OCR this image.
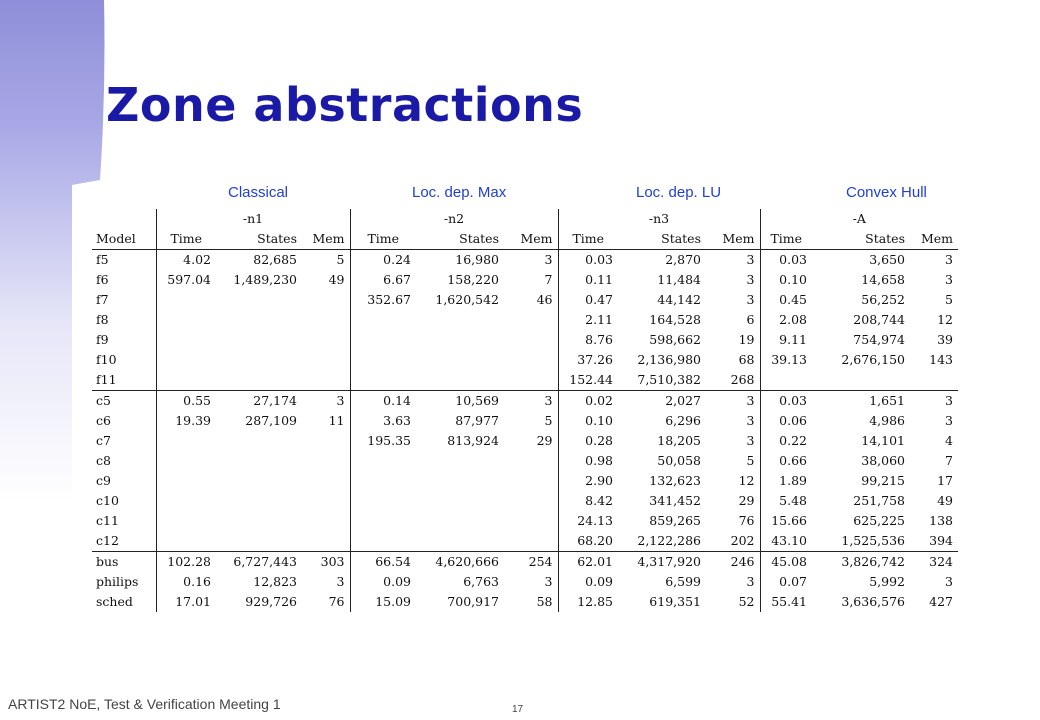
Zone abstractions
Classical	Loc. dep. Max	Loc. dep. LU	Convex Hull
	-n1			-n2			-n3			-A		
Model	Time	States	Mem	Time	States	Mem	Time	States	Mem	Time	States	Mem
f5	4.02	82,685	5	0.24	16,980	3	0.03	2,870	3	0.03	3,650	3
f6	597.04	1,489,230	49	6.67	158,220	7	0.11	11,484	3	0.10	14,658	3
f7				352.67	1,620,542	46	0.47	44,142	3	0.45	56,252	5
f8							2.11	164,528	6	2.08	208,744	12
f9							8.76	598,662	19	9.11	754,974	39
f10							37.26	2,136,980	68	39.13	2,676,150	143
f11							152.44	7,510,382	268			
c5	0.55	27,174	3	0.14	10,569	3	0.02	2,027	3	0.03	1,651	3
c6	19.39	287,109	11	3.63	87,977	5	0.10	6,296	3	0.06	4,986	3
c7				195.35	813,924	29	0.28	18,205	3	0.22	14,101	4
c8							0.98	50,058	5	0.66	38,060	7
c9							2.90	132,623	12	1.89	99,215	17
c10							8.42	341,452	29	5.48	251,758	49
c11							24.13	859,265	76	15.66	625,225	138
c12							68.20	2,122,286	202	43.10	1,525,536	394
bus	102.28	6,727,443	303	66.54	4,620,666	254	62.01	4,317,920	246	45.08	3,826,742	324
philips	0.16	12,823	3	0.09	6,763	3	0.09	6,599	3	0.07	5,992	3
sched	17.01	929,726	76	15.09	700,917	58	12.85	619,351	52	55.41	3,636,576	427
ARTIST2 NoE, Test & Verification Meeting 1	17
